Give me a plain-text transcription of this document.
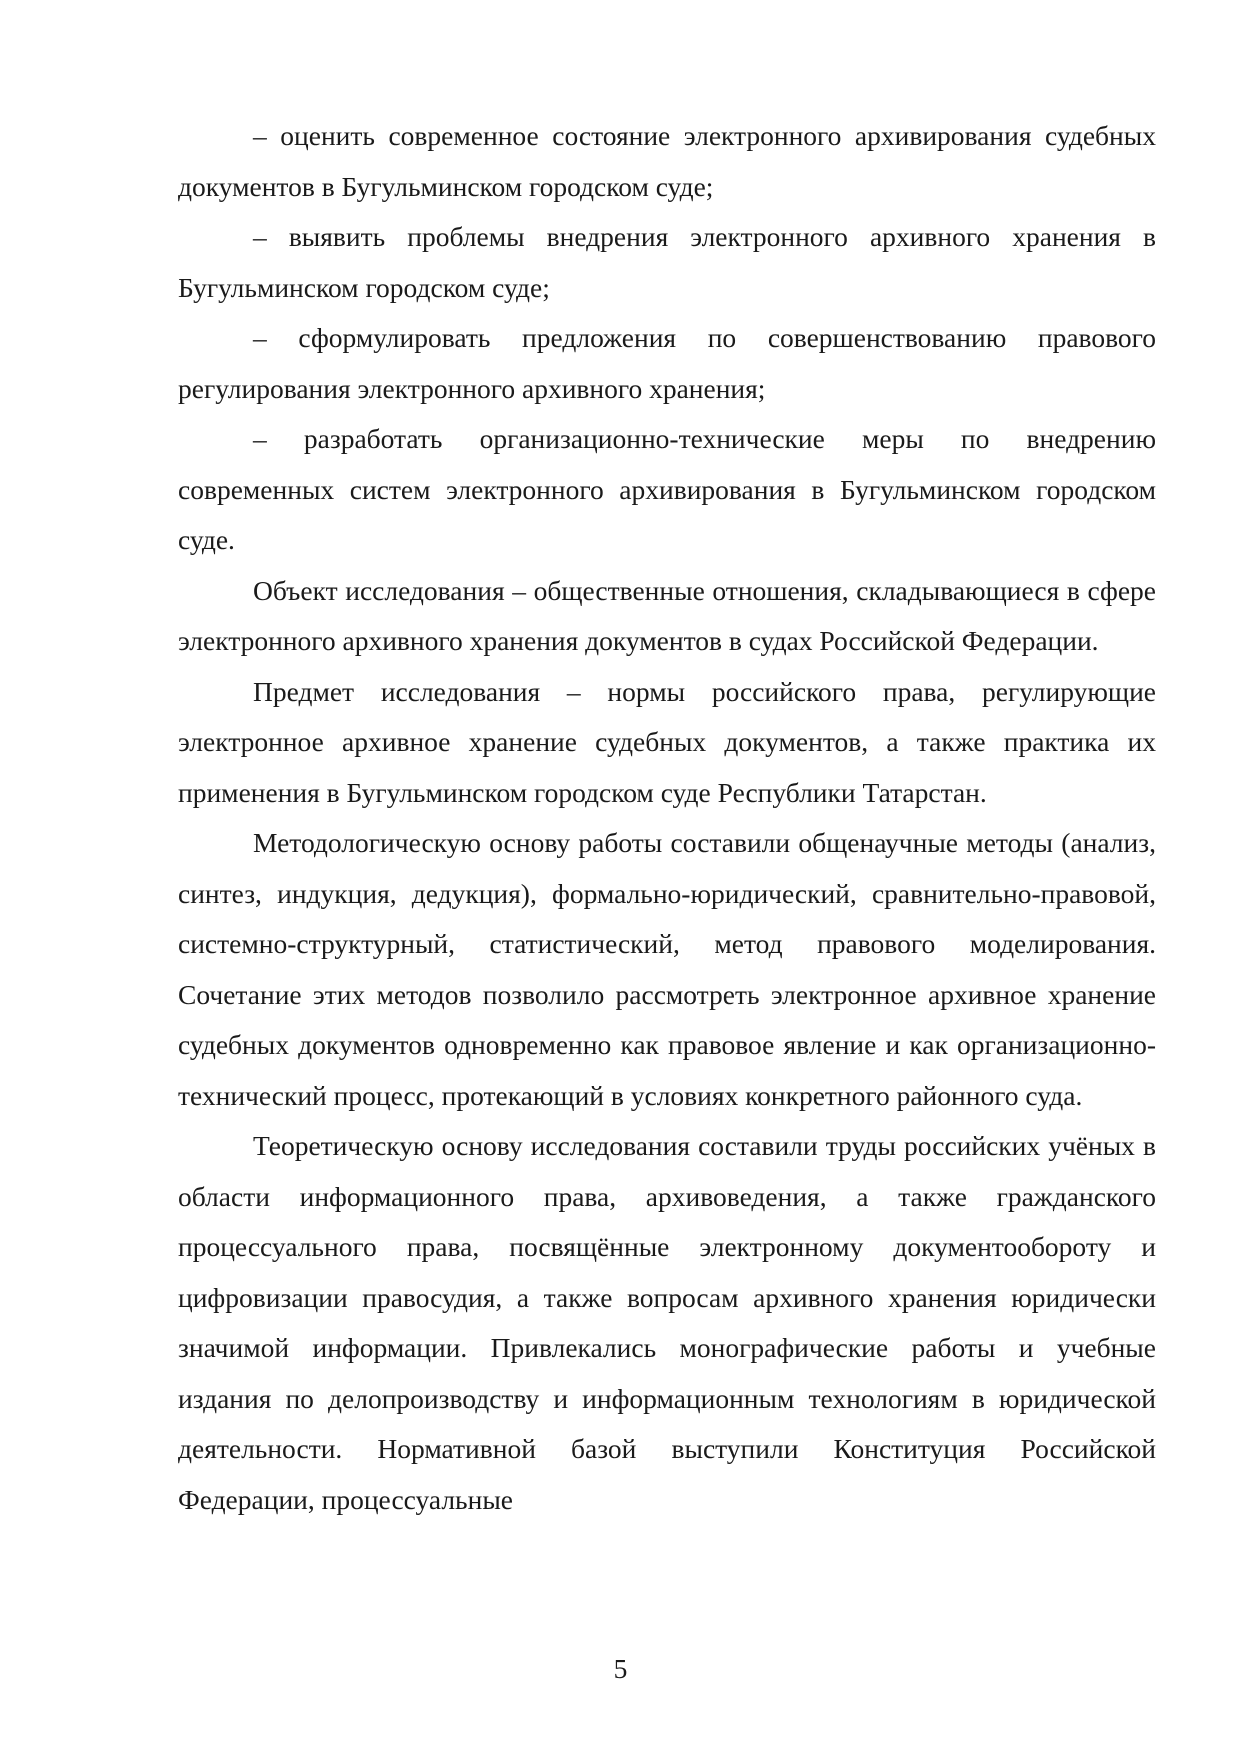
– оценить современное состояние электронного архивирования судебных документов в Бугульминском городском суде;

– выявить проблемы внедрения электронного архивного хранения в Бугульминском городском суде;

– сформулировать предложения по совершенствованию правового регулирования электронного архивного хранения;

– разработать организационно-технические меры по внедрению современных систем электронного архивирования в Бугульминском городском суде.

Объект исследования – общественные отношения, складывающиеся в сфере электронного архивного хранения документов в судах Российской Федерации.

Предмет исследования – нормы российского права, регулирующие электронное архивное хранение судебных документов, а также практика их применения в Бугульминском городском суде Республики Татарстан.

Методологическую основу работы составили общенаучные методы (анализ, синтез, индукция, дедукция), формально-юридический, сравнительно-правовой, системно-структурный, статистический, метод правового моделирования. Сочетание этих методов позволило рассмотреть электронное архивное хранение судебных документов одновременно как правовое явление и как организационно-технический процесс, протекающий в условиях конкретного районного суда.

Теоретическую основу исследования составили труды российских учёных в области информационного права, архивоведения, а также гражданского процессуального права, посвящённые электронному документообороту и цифровизации правосудия, а также вопросам архивного хранения юридически значимой информации. Привлекались монографические работы и учебные издания по делопроизводству и информационным технологиям в юридической деятельности. Нормативной базой выступили Конституция Российской Федерации, процессуальные

5
